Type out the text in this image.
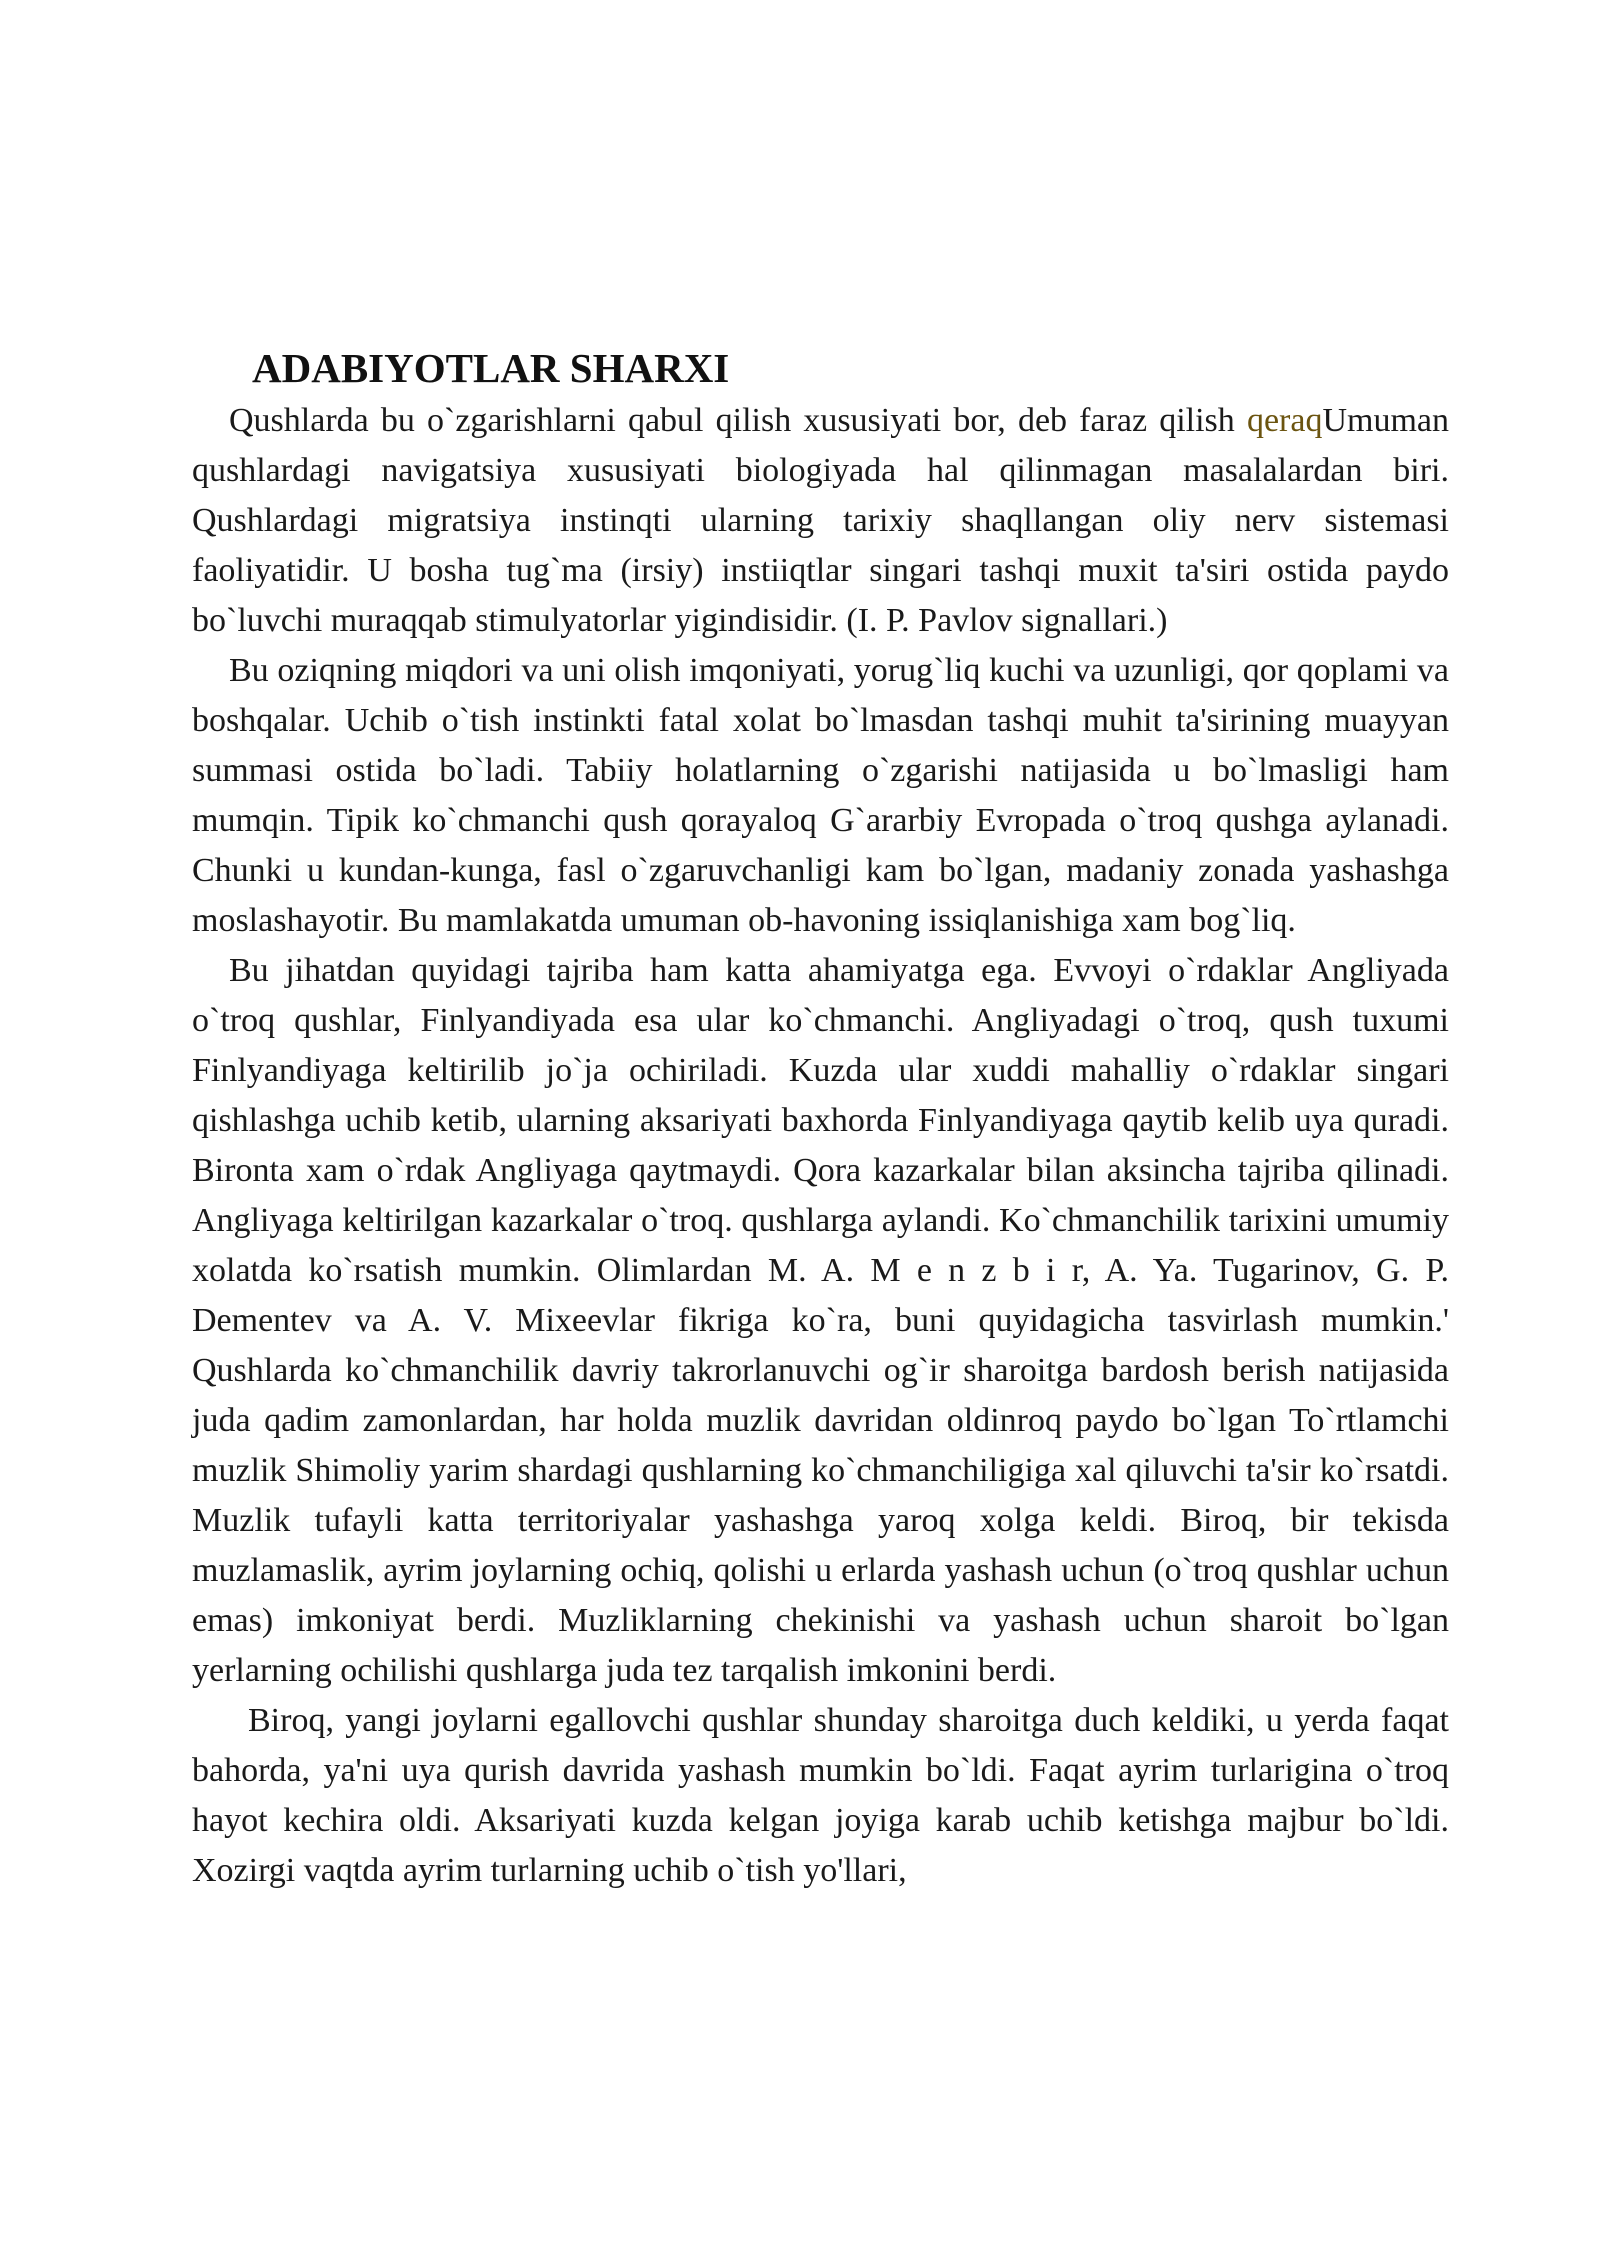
ADABIYOTLAR SHARXI

Qushlarda bu o`zgarishlarni qabul qilish xususiyati bor, deb faraz qilish qeraqUmuman qushlardagi navigatsiya xususiyati biologiyada hal qilinmagan masalalardan biri. Qushlardagi migratsiya instinqti ularning tarixiy shaqllangan oliy nerv sistemasi faoliyatidir. U bosha tug`ma (irsiy) instiiqtlar singari tashqi muxit ta'siri ostida paydo bo`luvchi muraqqab stimulyatorlar yigindisidir. (I. P. Pavlov signallari.)

Bu oziqning miqdori va uni olish imqoniyati, yorug`liq kuchi va uzunligi, qor qoplami va boshqalar. Uchib o`tish instinkti fatal xolat bo`lmasdan tashqi muhit ta'sirining muayyan summasi ostida bo`ladi. Tabiiy holatlarning o`zgarishi natijasida u bo`lmasligi ham mumqin. Tipik ko`chmanchi qush qorayaloq G`ararbiy Evropada o`troq qushga aylanadi. Chunki u kundan-kunga, fasl o`zgaruvchanligi kam bo`lgan, madaniy zonada yashashga moslashayotir. Bu mamlakatda umuman ob-havoning issiqlanishiga xam bog`liq.

Bu jihatdan quyidagi tajriba ham katta ahamiyatga ega. Evvoyi o`rdaklar Angliyada o`troq qushlar, Finlyandiyada esa ular ko`chmanchi. Angliyadagi o`troq, qush tuxumi Finlyandiyaga keltirilib jo`ja ochiriladi. Kuzda ular xuddi mahalliy o`rdaklar singari qishlashga uchib ketib, ularning aksariyati baxhorda Finlyandiyaga qaytib kelib uya quradi. Bironta xam o`rdak Angliyaga qaytmaydi. Qora kazarkalar bilan aksincha tajriba qilinadi. Angliyaga keltirilgan kazarkalar o`troq. qushlarga aylandi. Ko`chmanchilik tarixini umumiy xolatda ko`rsatish mumkin. Olimlardan M. A. M e n z b i r, A. Ya. Tugarinov, G. P. Dementev va A. V. Mixeevlar fikriga ko`ra, buni quyidagicha tasvirlash mumkin.' Qushlarda ko`chmanchilik davriy takrorlanuvchi og`ir sharoitga bardosh berish natijasida juda qadim zamonlardan, har holda muzlik davridan oldinroq paydo bo`lgan To`rtlamchi muzlik Shimoliy yarim shardagi qushlarning ko`chmanchiligiga xal qiluvchi ta'sir ko`rsatdi. Muzlik tufayli katta territoriyalar yashashga yaroq xolga keldi. Biroq, bir tekisda muzlamaslik, ayrim joylarning ochiq, qolishi u erlarda yashash uchun (o`troq qushlar uchun emas) imkoniyat berdi. Muzliklarning chekinishi va yashash uchun sharoit bo`lgan yerlarning ochilishi qushlarga juda tez tarqalish imkonini berdi.

Biroq, yangi joylarni egallovchi qushlar shunday sharoitga duch keldiki, u yerda faqat bahorda, ya'ni uya qurish davrida yashash mumkin bo`ldi. Faqat ayrim turlarigina o`troq hayot kechira oldi. Aksariyati kuzda kelgan joyiga karab uchib ketishga majbur bo`ldi. Xozirgi vaqtda ayrim turlarning uchib o`tish yo'llari,
